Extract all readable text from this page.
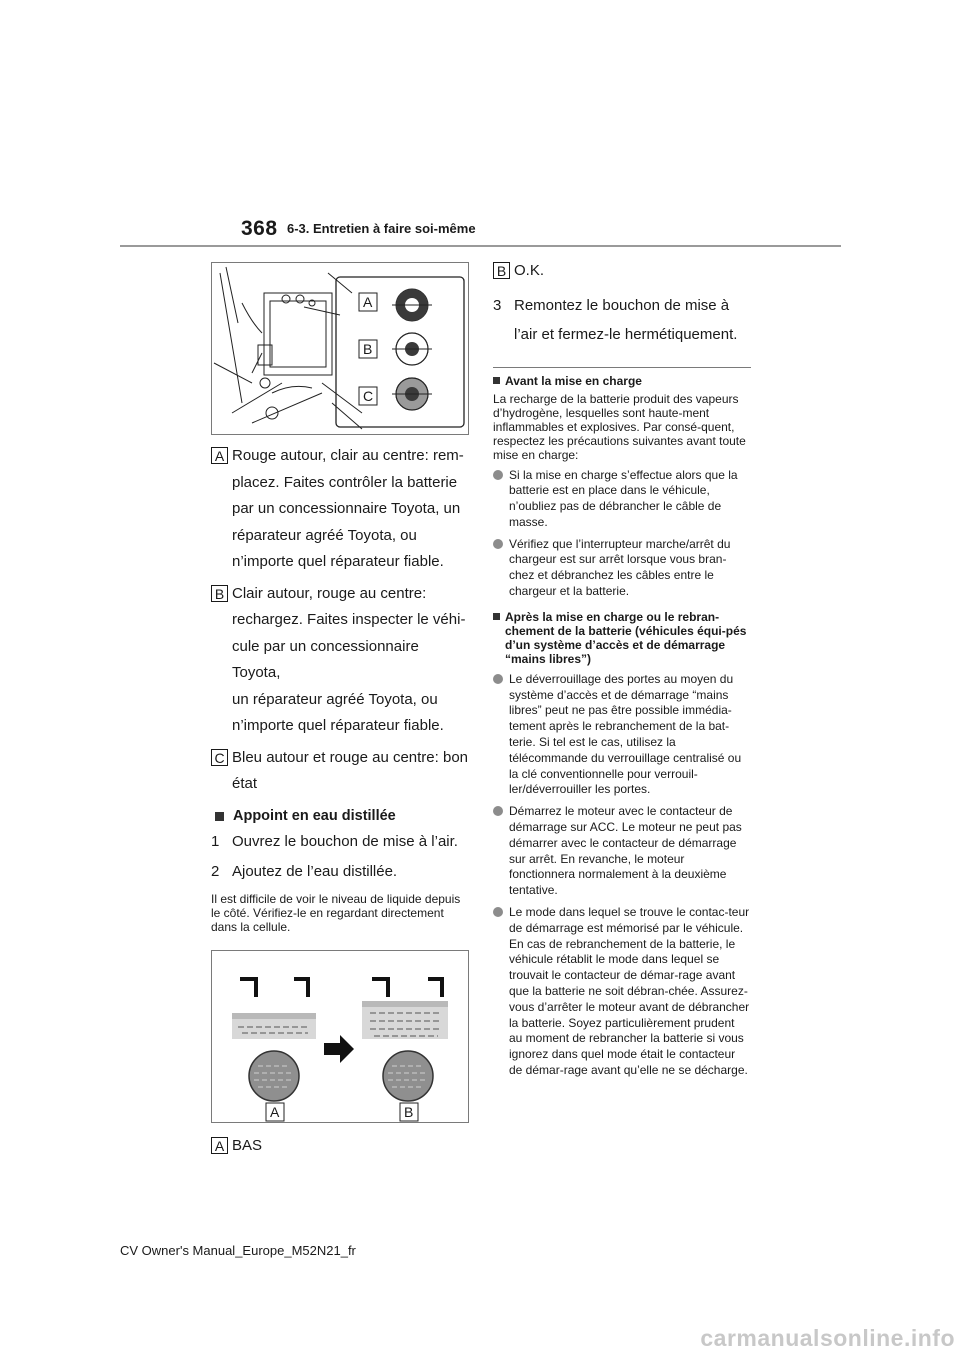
368 6-3. Entretien à faire soi-même
A
B
C
A Rouge autour, clair au centre: rem-
placez. Faites contrôler la batterie
par un concessionnaire Toyota, un
réparateur agréé Toyota, ou
n’importe quel réparateur fiable.
B Clair autour, rouge au centre:
rechargez. Faites inspecter le véhi-
cule par un concessionnaire Toyota,
un réparateur agréé Toyota, ou
n’importe quel réparateur fiable.
C Bleu autour et rouge au centre: bon
état
Appoint en eau distillée
1 Ouvrez le bouchon de mise à l’air.
2 Ajoutez de l’eau distillée.

Il est difficile de voir le niveau de liquide depuis le côté. Vérifiez-le en regardant directement dans la cellule.

A	B
A BAS
B O.K.
3 Remontez le bouchon de mise à
l’air et fermez-le hermétiquement.
Avant la mise en charge

La recharge de la batterie produit des vapeurs d’hydrogène, lesquelles sont haute-ment inflammables et explosives. Par consé-quent, respectez les précautions suivantes avant toute mise en charge:

Si la mise en charge s’effectue alors que la batterie est en place dans le véhicule, n’oubliez pas de débrancher le câble de masse.
Vérifiez que l’interrupteur marche/arrêt du chargeur est sur arrêt lorsque vous bran-chez et débranchez les câbles entre le chargeur et la batterie.
Après la mise en charge ou le rebran-chement de la batterie (véhicules équi-pés d’un système d’accès et de démarrage “mains libres”)
Le déverrouillage des portes au moyen du système d’accès et de démarrage “mains libres” peut ne pas être possible immédia-tement après le rebranchement de la bat-terie. Si tel est le cas, utilisez la télécommande du verrouillage centralisé ou la clé conventionnelle pour verrouil-ler/déverrouiller les portes.
Démarrez le moteur avec le contacteur de démarrage sur ACC. Le moteur ne peut pas démarrer avec le contacteur de démarrage sur arrêt. En revanche, le moteur fonctionnera normalement à la deuxième tentative.
Le mode dans lequel se trouve le contac-teur de démarrage est mémorisé par le véhicule. En cas de rebranchement de la batterie, le véhicule rétablit le mode dans lequel se trouvait le contacteur de démar-rage avant que la batterie ne soit débran-chée. Assurez-vous d’arrêter le moteur avant de débrancher la batterie. Soyez particulièrement prudent au moment de rebrancher la batterie si vous ignorez dans quel mode était le contacteur de démar-rage avant qu’elle ne se décharge.
CV Owner's Manual_Europe_M52N21_fr
carmanualsonline.info
